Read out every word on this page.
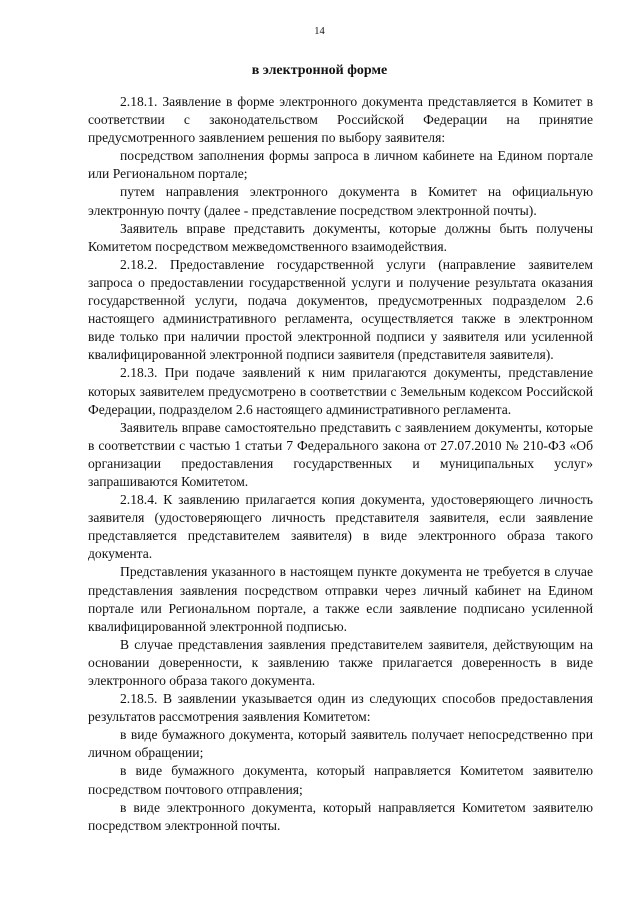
14
в электронной форме

2.18.1. Заявление в форме электронного документа представляется в Комитет в соответствии с законодательством Российской Федерации на принятие предусмотренного заявлением решения по выбору заявителя:

посредством заполнения формы запроса в личном кабинете на Едином портале или Региональном портале;

путем направления электронного документа в Комитет на официальную электронную почту (далее - представление посредством электронной почты).

Заявитель вправе представить документы, которые должны быть получены Комитетом посредством межведомственного взаимодействия.

2.18.2. Предоставление государственной услуги (направление заявителем запроса о предоставлении государственной услуги и получение результата оказания государственной услуги, подача документов, предусмотренных подразделом 2.6 настоящего административного регламента, осуществляется также в электронном виде только при наличии простой электронной подписи у заявителя или усиленной квалифицированной электронной подписи заявителя (представителя заявителя).

2.18.3. При подаче заявлений к ним прилагаются документы, представление которых заявителем предусмотрено в соответствии с Земельным кодексом Российской Федерации, подразделом 2.6 настоящего административного регламента.

Заявитель вправе самостоятельно представить с заявлением документы, которые в соответствии с частью 1 статьи 7 Федерального закона от 27.07.2010 № 210-ФЗ «Об организации предоставления государственных и муниципальных услуг» запрашиваются Комитетом.

2.18.4. К заявлению прилагается копия документа, удостоверяющего личность заявителя (удостоверяющего личность представителя заявителя, если заявление представляется представителем заявителя) в виде электронного образа такого документа.

Представления указанного в настоящем пункте документа не требуется в случае представления заявления посредством отправки через личный кабинет на Едином портале или Региональном портале, а также если заявление подписано усиленной квалифицированной электронной подписью.

В случае представления заявления представителем заявителя, действующим на основании доверенности, к заявлению также прилагается доверенность в виде электронного образа такого документа.

2.18.5. В заявлении указывается один из следующих способов предоставления результатов рассмотрения заявления Комитетом:

в виде бумажного документа, который заявитель получает непосредственно при личном обращении;

в виде бумажного документа, который направляется Комитетом заявителю посредством почтового отправления;

в виде электронного документа, который направляется Комитетом заявителю посредством электронной почты.
